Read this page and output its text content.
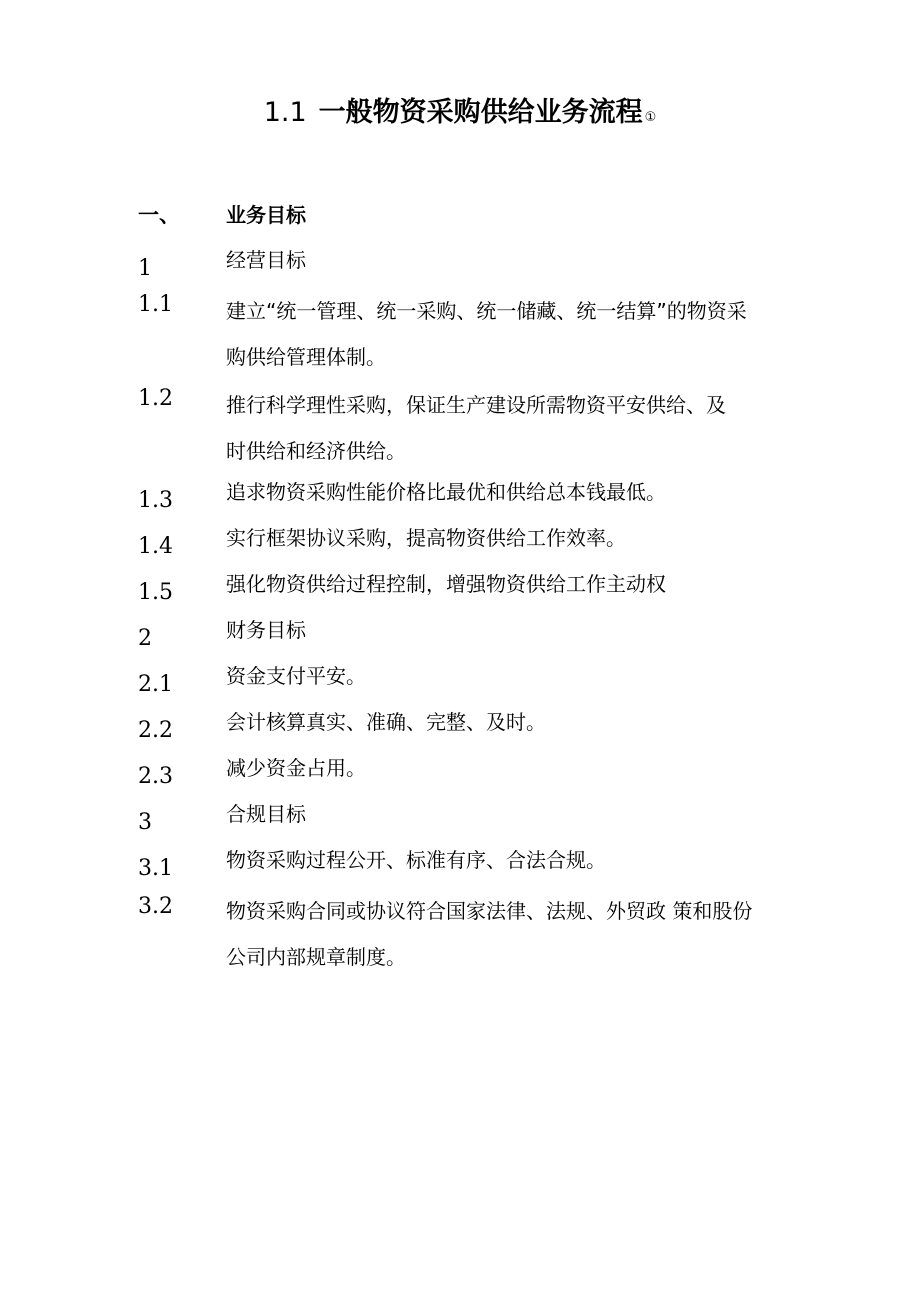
1.1 一般物资采购供给业务流程 ①
一、 业务目标
1	经营目标
1.1	建立“统一管理、统一采购、统一储藏、统一结算”的物资采购供给管理体制。
1.2	推行科学理性采购，保证生产建设所需物资平安供给、及时供给和经济供给。
1.3	追求物资采购性能价格比最优和供给总本钱最低。
1.4	实行框架协议采购，提高物资供给工作效率。
1.5	强化物资供给过程控制，增强物资供给工作主动权
2	财务目标
2.1	资金支付平安。
2.2	会计核算真实、准确、完整、及时。
2.3	减少资金占用。
3	合规目标
3.1	物资采购过程公开、标准有序、合法合规。
3.2	物资采购合同或协议符合国家法律、法规、外贸政 策和股份公司内部规章制度。
